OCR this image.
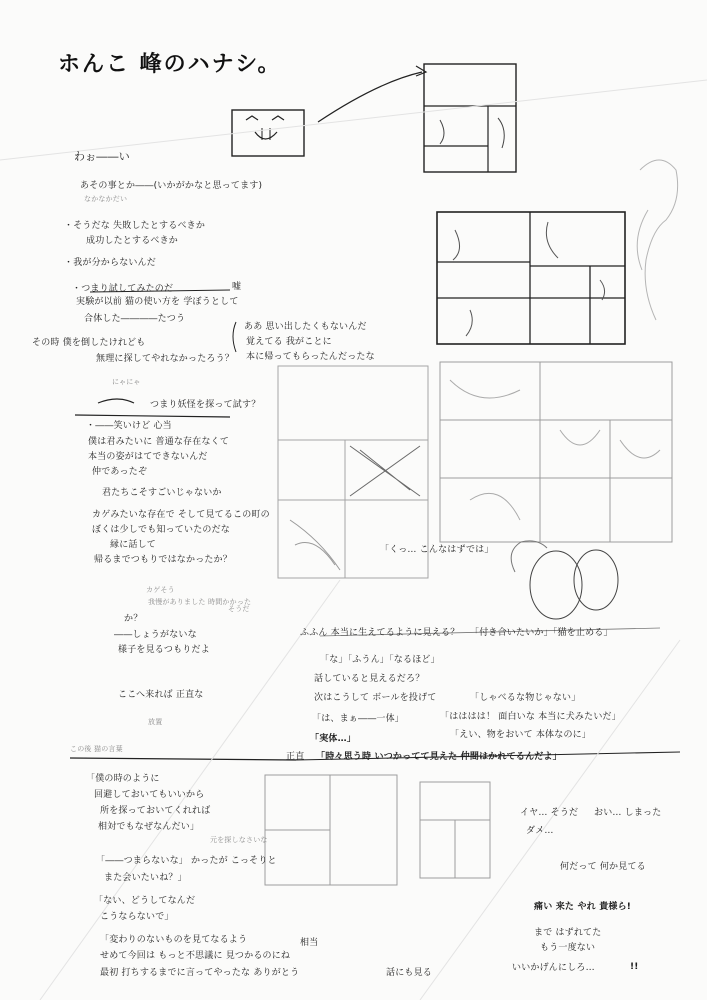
ホんこ 峰のハナシ。
わぉ――い
あその事とか――(いかがかなと思ってます)
なかなかだい
・そうだな 失敗したとするべきか
成功したとするべきか
・我が分からないんだ
・つまり試してみたのだ	嘘
実験が以前 猫の使い方を 学ぼうとして
合体した――――たつう
その時 僕を倒したけれども
無理に探してやれなかったろう？
ああ 思い出したくもないんだ
覚えてる 我がことに
本に帰ってもらったんだったな
にゃにゃ
つまり妖怪を探って試す？
・――笑いけど 心当
僕は君みたいに 普通な存在なくて
本当の姿がはてできないんだ
仲であったぞ
君たちこそすごいじゃないか
カゲみたいな存在で そして見てるこの町の
ぼくは少しでも知っていたのだな
縁に話して
帰るまでつもりではなかったか？
カゲそう
我慢がありました 時間かかった
そうだ
か？
――しょうがないな
様子を見るつもりだよ
ここへ来れば 正直な
放置
この後 猫の言葉
ふふん 本当に生えてるように見える？ 「付き合いたいか」「猫を止める」
「な」「ふうん」「なるほど」
話していると見えるだろ？
次はこうして ボールを投げて
「は、まぁ――一体」
「しゃべるな物じゃない」
「はははは！ 面白いな 本当に犬みたいだ」
「えい、物をおいて 本体なのに」
「実体…」
「時々思う時 いつかってて見えた 仲間はかれてるんだよ」
正直
「僕の時のように
回避しておいてもいいから
所を探っておいてくれれば
相対でもなぜなんだい」
元を探しなさいな
「――つまらないな」 かったが こっそりと
また会いたいね？」
「ない、どうしてなんだ
こうならないで」
「変わりのないものを見てなるよう
せめて今回は もっと不思議に 見つかるのにね
最初 打ちするまでに言ってやったな ありがとう
相当
話にも見る
「くっ… こんなはずでは」
イヤ… そうだ おい… しまった
ダメ…
何だって 何か見てる
痛い 来た やれ 貴様ら!
まで はずれてた
もう一度ない
いいかげんにしろ…	!!
